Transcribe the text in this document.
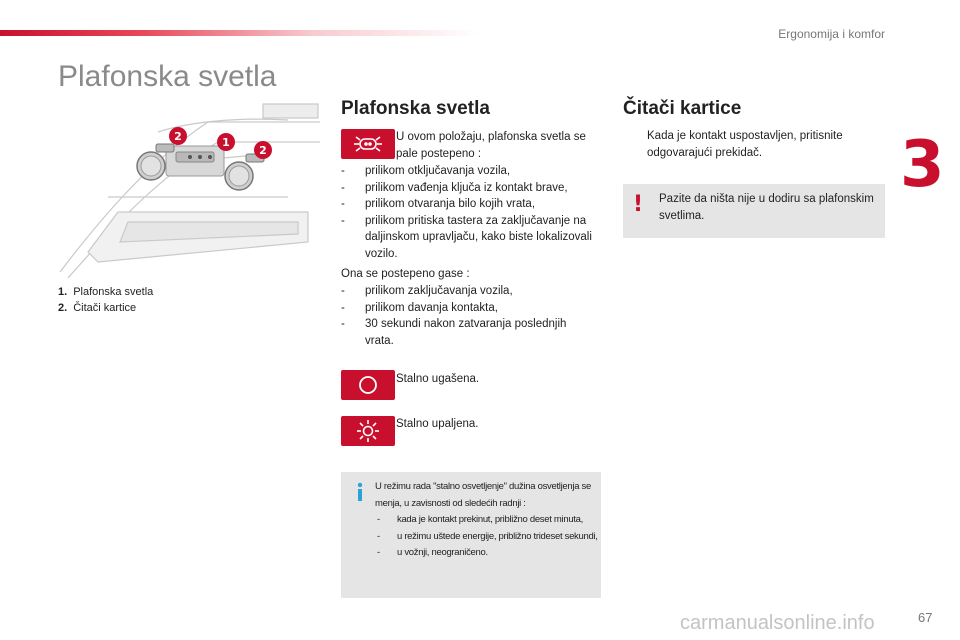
Ergonomija i komfor
3
Plafonska svetla
2	1
2
1. Plafonska svetla
2. Čitači kartice
Plafonska svetla
U ovom položaju, plafonska svetla se
pale postepeno :
- prilikom otključavanja vozila,
- prilikom vađenja ključa iz kontakt brave,
- prilikom otvaranja bilo kojih vrata,
- prilikom pritiska tastera za zaključavanje na daljinskom upravljaču, kako biste lokalizovali vozilo.
Ona se postepeno gase :
- prilikom zaključavanja vozila,
- prilikom davanja kontakta,
- 30 sekundi nakon zatvaranja poslednjih vrata.
Stalno ugašena.
Stalno upaljena.
U režimu rada "stalno osvetljenje" dužina osvetljenja se menja, u zavisnosti od sledećih radnji :
- kada je kontakt prekinut, približno deset minuta,
- u režimu uštede energije, približno trideset sekundi,
- u vožnji, neograničeno.
Čitači kartice
Kada je kontakt uspostavljen, pritisnite odgovarajući prekidač.
! Pazite da ništa nije u dodiru sa plafonskim svetlima.
carmanualsonline.info	67
